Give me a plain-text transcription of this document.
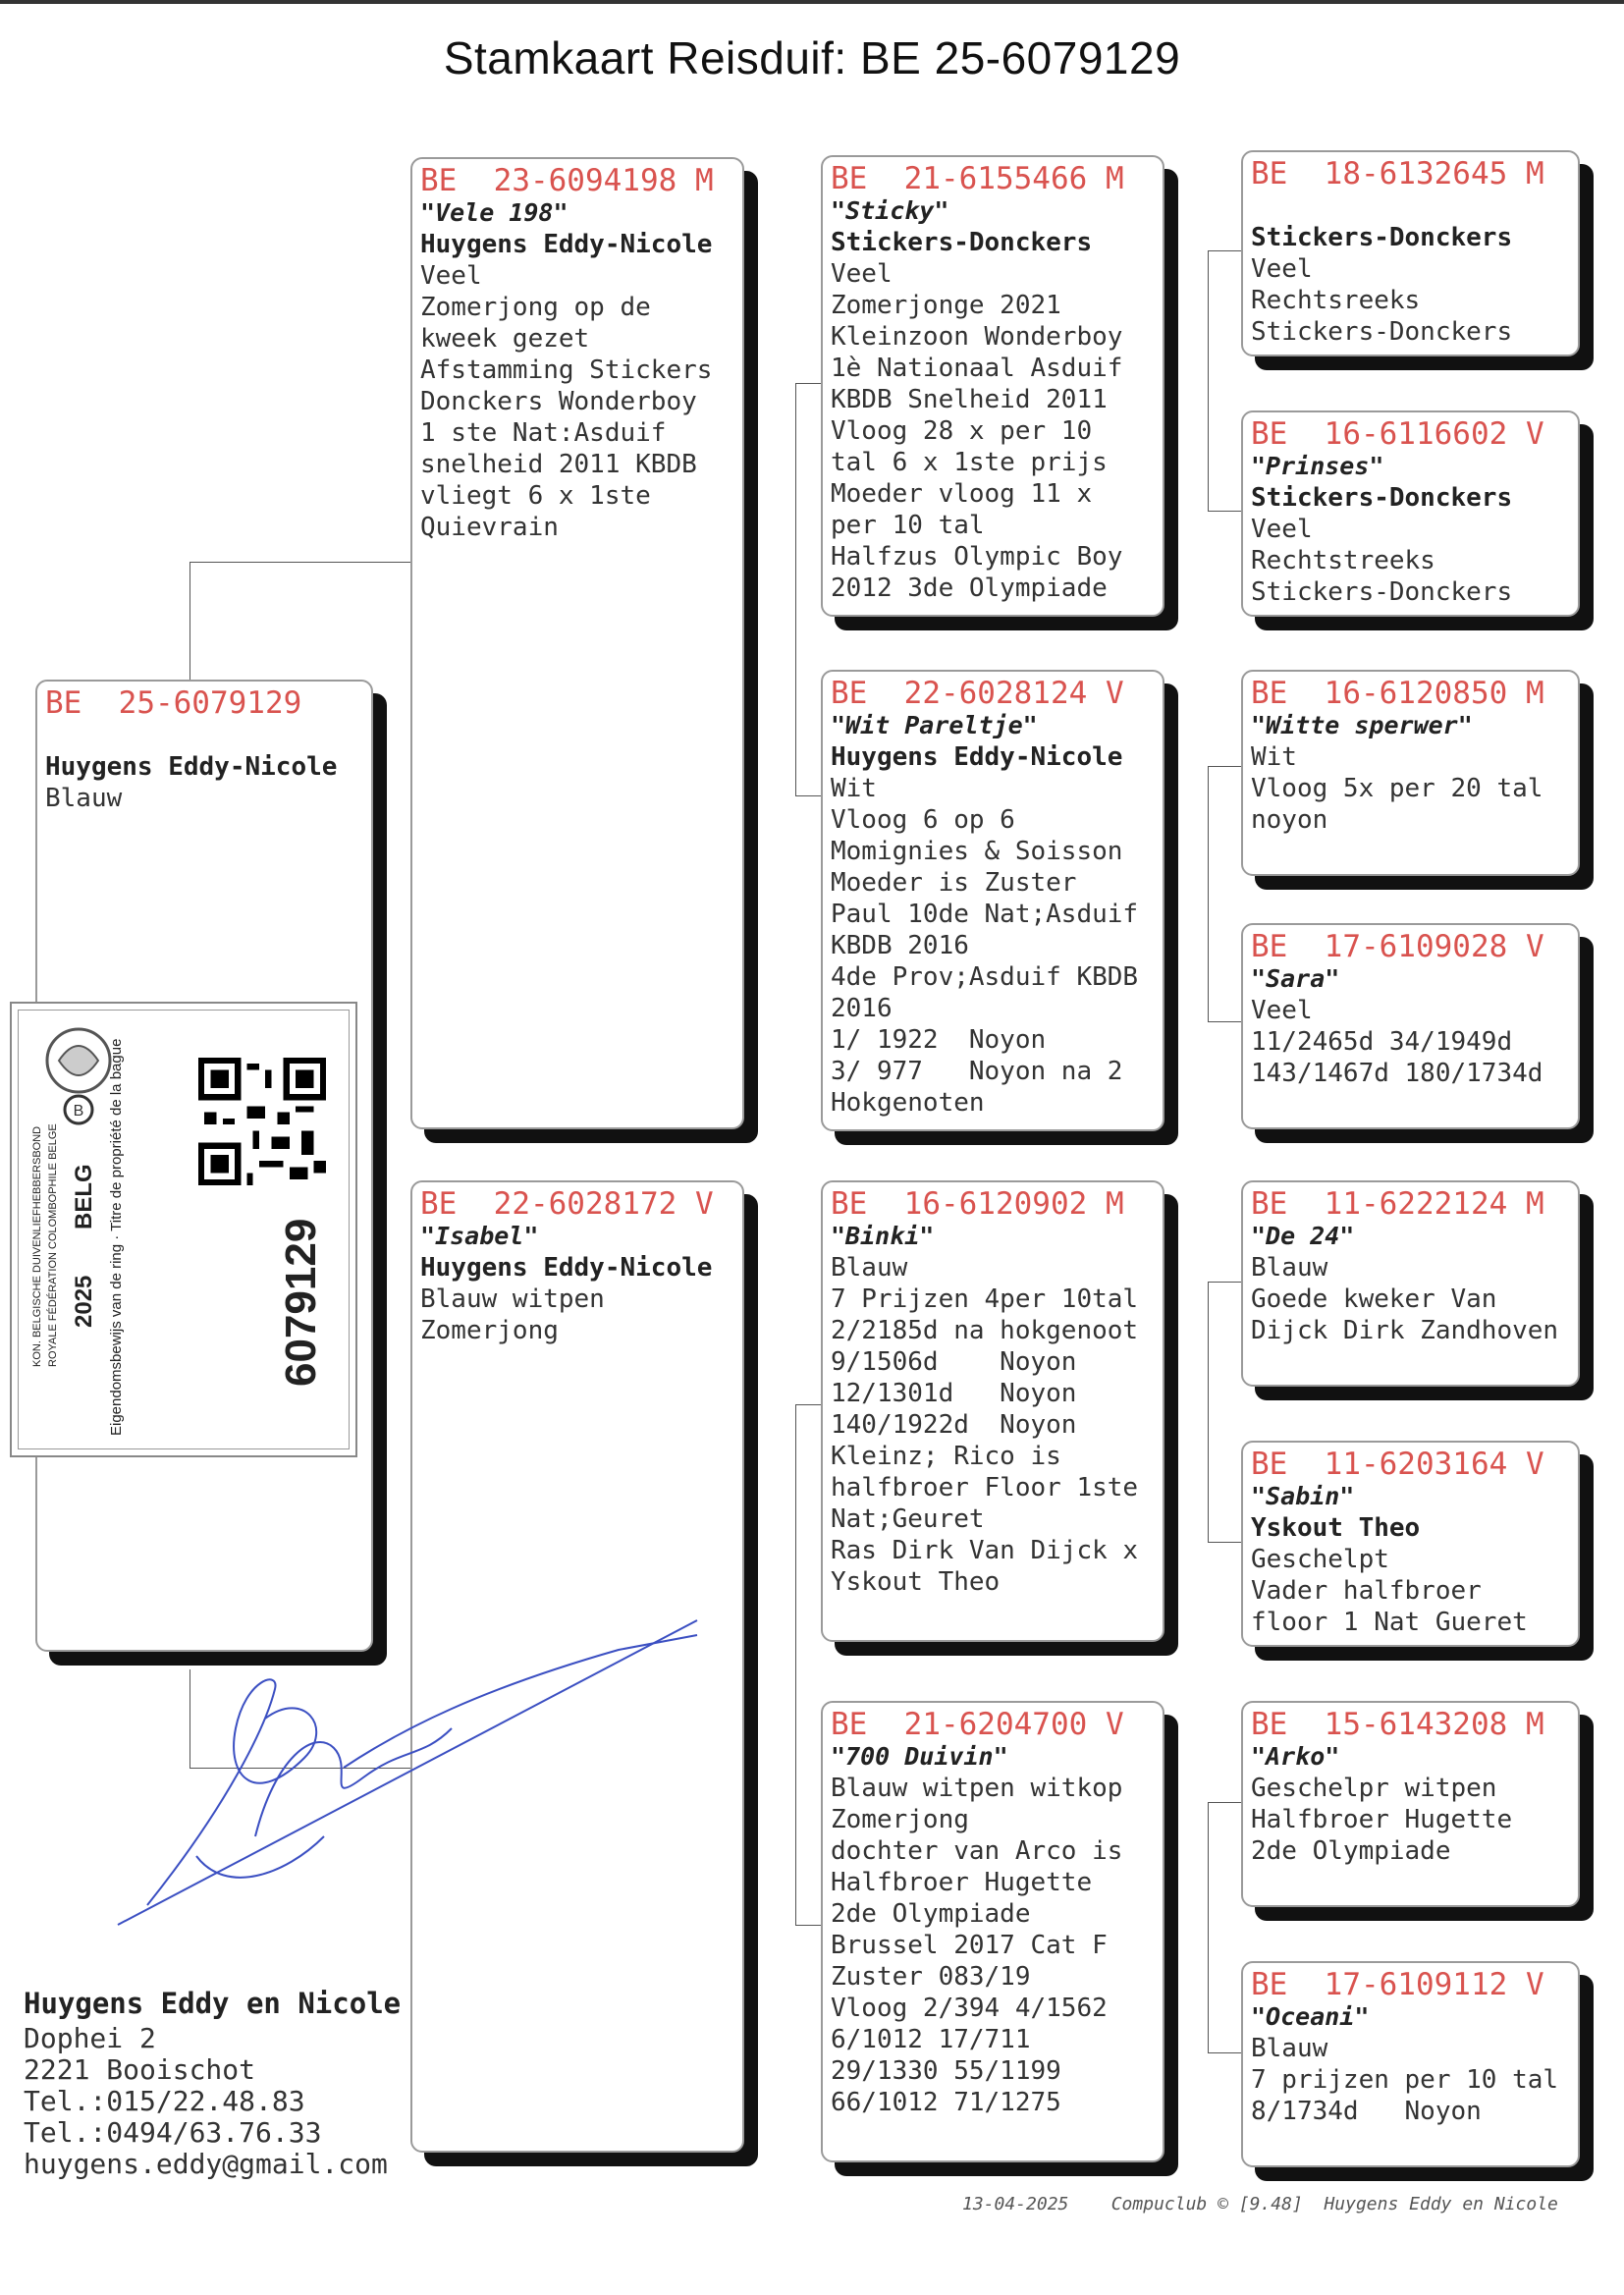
Stamkaart Reisduif: BE 25-6079129
BE  25-6079129
Huygens Eddy-Nicole
Blauw
BE  23-6094198 M
"Vele 198"
Huygens Eddy-Nicole
Veel
Zomerjong op de
kweek gezet
Afstamming Stickers
Donckers Wonderboy
1 ste Nat:Asduif
snelheid 2011 KBDB
vliegt 6 x 1ste
Quievrain
BE  22-6028172 V
"Isabel"
Huygens Eddy-Nicole
Blauw witpen
Zomerjong
BE  21-6155466 M
"Sticky"
Stickers-Donckers
Veel
Zomerjonge 2021
Kleinzoon Wonderboy
1è Nationaal Asduif
KBDB Snelheid 2011
Vloog 28 x per 10
tal 6 x 1ste prijs
Moeder vloog 11 x
per 10 tal
Halfzus Olympic Boy
2012 3de Olympiade
BE  22-6028124 V
"Wit Pareltje"
Huygens Eddy-Nicole
Wit
Vloog 6 op 6
Momignies & Soisson
Moeder is Zuster
Paul 10de Nat;Asduif
KBDB 2016
4de Prov;Asduif KBDB
2016
1/ 1922  Noyon
3/ 977   Noyon na 2
Hokgenoten
BE  16-6120902 M
"Binki"
Blauw
7 Prijzen 4per 10tal
2/2185d na hokgenoot
9/1506d    Noyon
12/1301d   Noyon
140/1922d  Noyon
Kleinz; Rico is
halfbroer Floor 1ste
Nat;Geuret
Ras Dirk Van Dijck x
Yskout Theo
BE  21-6204700 V
"700 Duivin"
Blauw witpen witkop
Zomerjong
dochter van Arco is
Halfbroer Hugette
2de Olympiade
Brussel 2017 Cat F
Zuster 083/19
Vloog 2/394 4/1562
6/1012 17/711
29/1330 55/1199
66/1012 71/1275
BE  18-6132645 M
Stickers-Donckers
Veel
Rechtsreeks
Stickers-Donckers
BE  16-6116602 V
"Prinses"
Stickers-Donckers
Veel
Rechtstreeks
Stickers-Donckers
BE  16-6120850 M
"Witte sperwer"
Wit
Vloog 5x per 20 tal
noyon
BE  17-6109028 V
"Sara"
Veel
11/2465d 34/1949d
143/1467d 180/1734d
BE  11-6222124 M
"De 24"
Blauw
Goede kweker Van
Dijck Dirk Zandhoven
BE  11-6203164 V
"Sabin"
Yskout Theo
Geschelpt
Vader halfbroer
floor 1 Nat Gueret
BE  15-6143208 M
"Arko"
Geschelpr witpen
Halfbroer Hugette
2de Olympiade
BE  17-6109112 V
"Oceani"
Blauw
7 prijzen per 10 tal
8/1734d   Noyon
B
KON. BELGISCHE DUIVENLIEFHEBBERSBOND ROYALE FÉDÉRATION COLOMBOPHILE BELGE 2025
BELG Eigendomsbewijs van de ring · Titre de propriété de la bague	6079129
Huygens Eddy en Nicole
Dophei 2
2221 Booischot
Tel.:015/22.48.83
Tel.:0494/63.76.33
huygens.eddy@gmail.com
13-04-2025    Compuclub © [9.48]  Huygens Eddy en Nicole
